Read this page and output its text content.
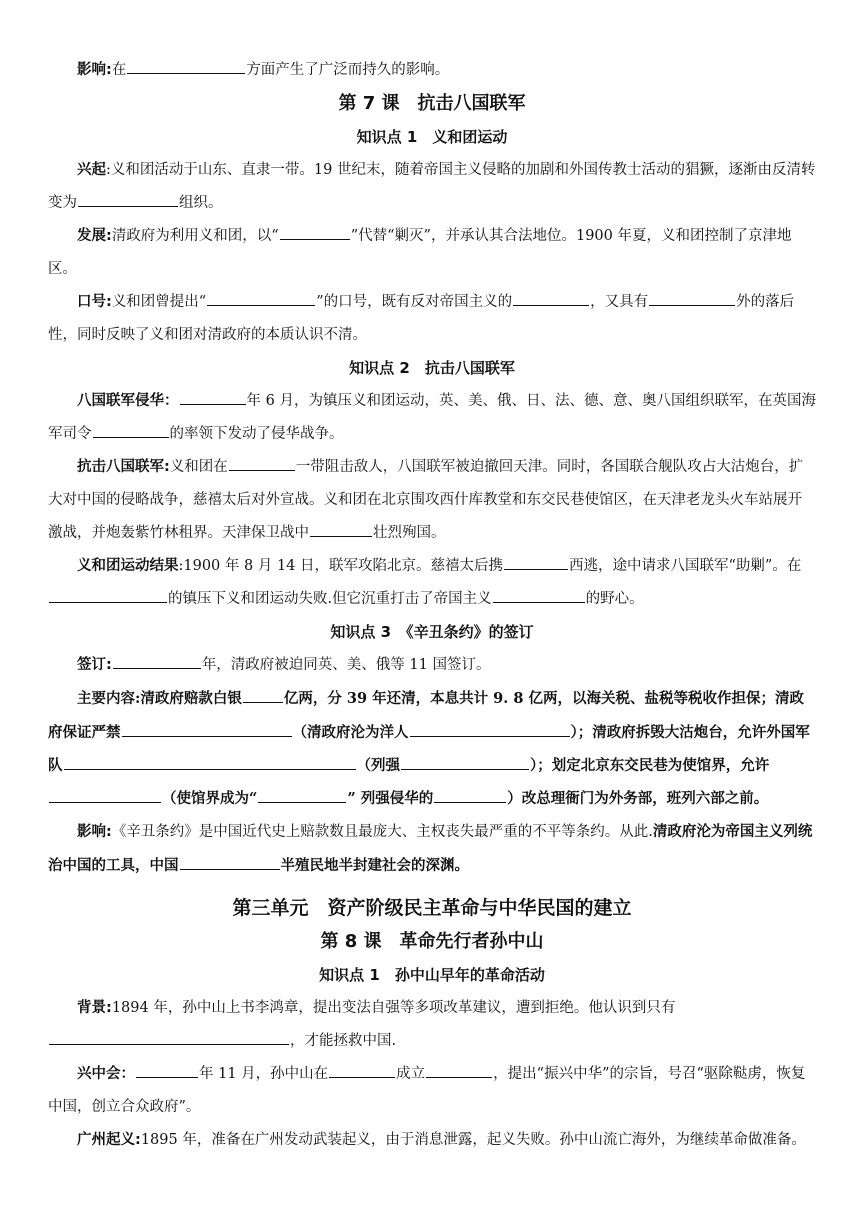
影响:在	方面产生了广泛而持久的影响。

第 7 课　抗击八国联军

知识点 1　义和团运动

兴起:义和团活动于山东、直隶一带。19 世纪末，随着帝国主义侵略的加剧和外国传教士活动的猖獗，逐渐由反清转变为	组织。

发展:清政府为利用义和团，以“	”代替“剿灭”，并承认其合法地位。1900 年夏，义和团控制了京津地区。

口号:义和团曾提出“	”的口号，既有反对帝国主义的	，又具有	外的落后性，同时反映了义和团对清政府的本质认识不清。

知识点 2　抗击八国联军

八国联军侵华：	年 6 月，为镇压义和团运动，英、美、俄、日、法、德、意、奥八国组织联军，在英国海军司令	的率领下发动了侵华战争。

抗击八国联军:义和团在	一带阻击敌人，八国联军被迫撤回天津。同时，各国联合舰队攻占大沽炮台，扩大对中国的侵略战争，慈禧太后对外宣战。义和团在北京围攻西什库教堂和东交民巷使馆区，在天津老龙头火车站展开激战，并炮轰紫竹林租界。天津保卫战中	壮烈殉国。

义和团运动结果:1900 年 8 月 14 日，联军攻陷北京。慈禧太后携	西逃，途中请求八国联军“助剿”。在的镇压下义和团运动失败.但它沉重打击了帝国主义	的野心。

知识点 3　《辛丑条约》的签订

签订:	年，清政府被迫同英、美、俄等 11 国签订。

主要内容:清政府赔款白银	亿两，分 39 年还清，本息共计 9. 8 亿两，以海关税、盐税等税收作担保；清政府保证严禁	（清政府沦为洋人	）；清政府拆毁大沽炮台，允许外国军队	（列强	）；划定北京东交民巷为使馆界，允许（使馆界成为“	” 列强侵华的	）改总理衙门为外务部，班列六部之前。

影响:《辛丑条约》是中国近代史上赔款数且最庞大、主权丧失最严重的不平等条约。从此.清政府沦为帝国主义列统治中国的工具，中国	半殖民地半封建社会的深渊。

第三单元　资产阶级民主革命与中华民国的建立

第 8 课　革命先行者孙中山

知识点 1　孙中山早年的革命活动

背景:1894 年，孙中山上书李鸿章，提出变法自强等多项改革建议，遭到拒绝。他认识到只有，才能拯救中国.

兴中会：	年 11 月，孙中山在	成立	，提出“振兴中华”的宗旨，号召“驱除鞑虏，恢复中国，创立合众政府”。

广州起义:1895 年，准备在广州发动武装起义，由于消息泄露，起义失败。孙中山流亡海外，为继续革命做准备。
